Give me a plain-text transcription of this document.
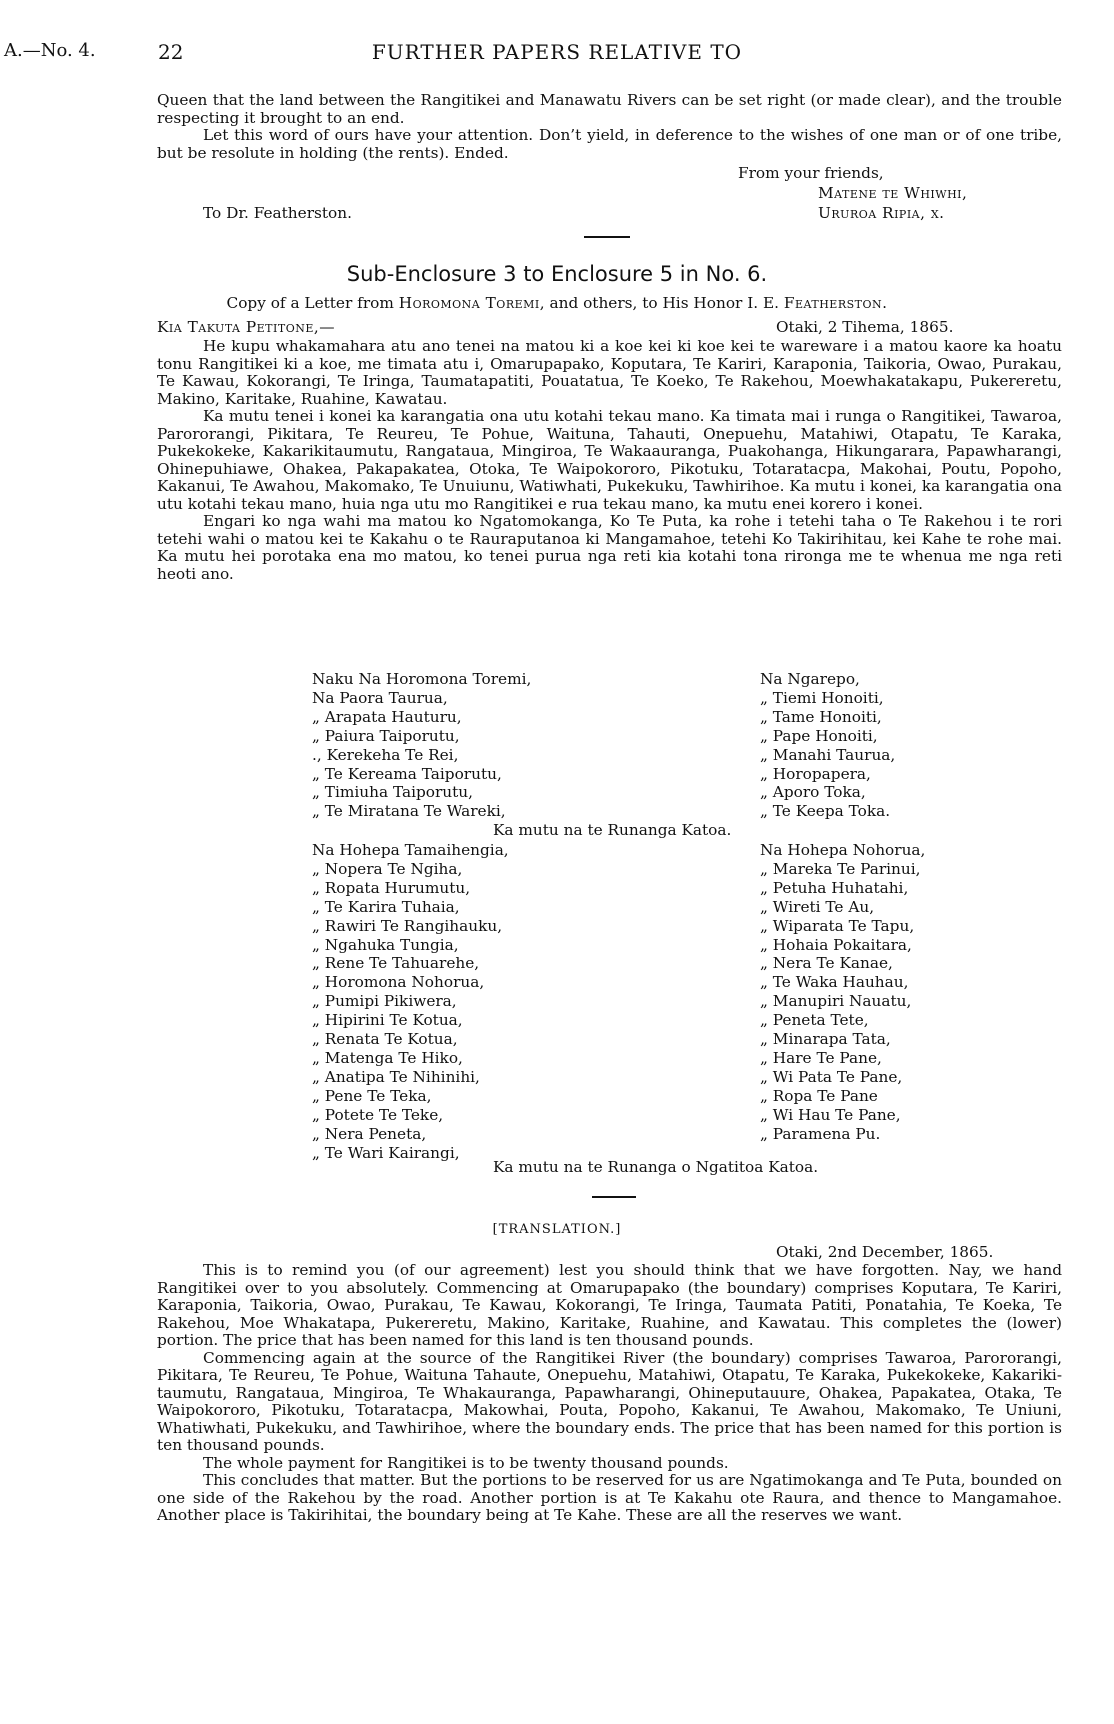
A.—No. 4.	22	FURTHER PAPERS RELATIVE TO

Queen that the land between the Rangitikei and Manawatu Rivers can be set right (or made clear), and the trouble respecting it brought to an end.

Let this word of ours have your attention. Don’t yield, in deference to the wishes of one man or of one tribe, but be resolute in holding (the rents). Ended.

From your friends,
Matene te Whiwhi,
Ururoa Ripia, x.
To Dr. Featherston.
Sub-Enclosure 3 to Enclosure 5 in No. 6.
Copy of a Letter from Horomona Toremi, and others, to His Honor I. E. Featherston.
Kia Takuta Petitone,—	Otaki, 2 Tihema, 1865.

He kupu whakamahara atu ano tenei na matou ki a koe kei ki koe kei te wareware i a matou kaore ka hoatu tonu Rangitikei ki a koe, me timata atu i, Omarupapako, Koputara, Te Kariri, Karaponia, Taikoria, Owao, Purakau, Te Kawau, Kokorangi, Te Iringa, Taumatapatiti, Pouatatua, Te Koeko, Te Rakehou, Moewhakatakapu, Pukereretu, Makino, Karitake, Ruahine, Kawatau.

Ka mutu tenei i konei ka karangatia ona utu kotahi tekau mano. Ka timata mai i runga o Rangitikei, Tawaroa, Parororangi, Pikitara, Te Reureu, Te Pohue, Waituna, Tahauti, Onepuehu, Matahiwi, Otapatu, Te Karaka, Pukekokeke, Kakarikitaumutu, Rangataua, Mingiroa, Te Wakaauranga, Puakohanga, Hikungarara, Papawharangi, Ohinepuhiawe, Ohakea, Pakapakatea, Otoka, Te Waipokororo, Pikotuku, Totaratacpa, Makohai, Poutu, Popoho, Kakanui, Te Awahou, Makomako, Te Unuiunu, Watiwhati, Pukekuku, Tawhirihoe. Ka mutu i konei, ka karangatia ona utu kotahi tekau mano, huia nga utu mo Rangitikei e rua tekau mano, ka mutu enei korero i konei.

Engari ko nga wahi ma matou ko Ngatomokanga, Ko Te Puta, ka rohe i tetehi taha o Te Rakehou i te rori tetehi wahi o matou kei te Kakahu o te Rauraputanoa ki Mangamahoe, tetehi Ko Takirihitau, kei Kahe te rohe mai. Ka mutu hei porotaka ena mo matou, ko tenei purua nga reti kia kotahi tona rironga me te whenua me nga reti heoti ano.

Naku Na Horomona Toremi,
Na Paora Taurua,
„ Arapata Hauturu,
„ Paiura Taiporutu,
., Kerekeha Te Rei,
„ Te Kereama Taiporutu,
„ Timiuha Taiporutu,
„ Te Miratana Te Wareki,
Na Ngarepo,
„ Tiemi Honoiti,
„ Tame Honoiti,
„ Pape Honoiti,
„ Manahi Taurua,
„ Horopapera,
„ Aporo Toka,
„ Te Keepa Toka.
Ka mutu na te Runanga Katoa.
Na Hohepa Tamaihengia,
„ Nopera Te Ngiha,
„ Ropata Hurumutu,
„ Te Karira Tuhaia,
„ Rawiri Te Rangihauku,
„ Ngahuka Tungia,
„ Rene Te Tahuarehe,
„ Horomona Nohorua,
„ Pumipi Pikiwera,
„ Hipirini Te Kotua,
„ Renata Te Kotua,
„ Matenga Te Hiko,
„ Anatipa Te Nihinihi,
„ Pene Te Teka,
„ Potete Te Teke,
„ Nera Peneta,
„ Te Wari Kairangi,
Na Hohepa Nohorua,
„ Mareka Te Parinui,
„ Petuha Huhatahi,
„ Wireti Te Au,
„ Wiparata Te Tapu,
„ Hohaia Pokaitara,
„ Nera Te Kanae,
„ Te Waka Hauhau,
„ Manupiri Nauatu,
„ Peneta Tete,
„ Minarapa Tata,
„ Hare Te Pane,
„ Wi Pata Te Pane,
„ Ropa Te Pane
„ Wi Hau Te Pane,
„ Paramena Pu.
Ka mutu na te Runanga o Ngatitoa Katoa.
[TRANSLATION.]
Otaki, 2nd December, 1865.

This is to remind you (of our agreement) lest you should think that we have forgotten. Nay, we hand Rangitikei over to you absolutely. Commencing at Omarupapako (the boundary) comprises Koputara, Te Kariri, Karaponia, Taikoria, Owao, Purakau, Te Kawau, Kokorangi, Te Iringa, Taumata Patiti, Ponatahia, Te Koeka, Te Rakehou, Moe Whakatapa, Pukereretu, Makino, Karitake, Ruahine, and Kawatau. This completes the (lower) portion. The price that has been named for this land is ten thousand pounds.

Commencing again at the source of the Rangitikei River (the boundary) comprises Tawaroa, Parororangi, Pikitara, Te Reureu, Te Pohue, Waituna Tahaute, Onepuehu, Matahiwi, Otapatu, Te Karaka, Pukekokeke, Kakariki-taumutu, Rangataua, Mingiroa, Te Whakauranga, Papawharangi, Ohineputauure, Ohakea, Papakatea, Otaka, Te Waipokororo, Pikotuku, Totaratacpa, Makowhai, Pouta, Popoho, Kakanui, Te Awahou, Makomako, Te Uniuni, Whatiwhati, Pukekuku, and Tawhirihoe, where the boundary ends. The price that has been named for this portion is ten thousand pounds.

The whole payment for Rangitikei is to be twenty thousand pounds.

This concludes that matter. But the portions to be reserved for us are Ngatimokanga and Te Puta, bounded on one side of the Rakehou by the road. Another portion is at Te Kakahu ote Raura, and thence to Mangamahoe. Another place is Takirihitai, the boundary being at Te Kahe. These are all the reserves we want.
